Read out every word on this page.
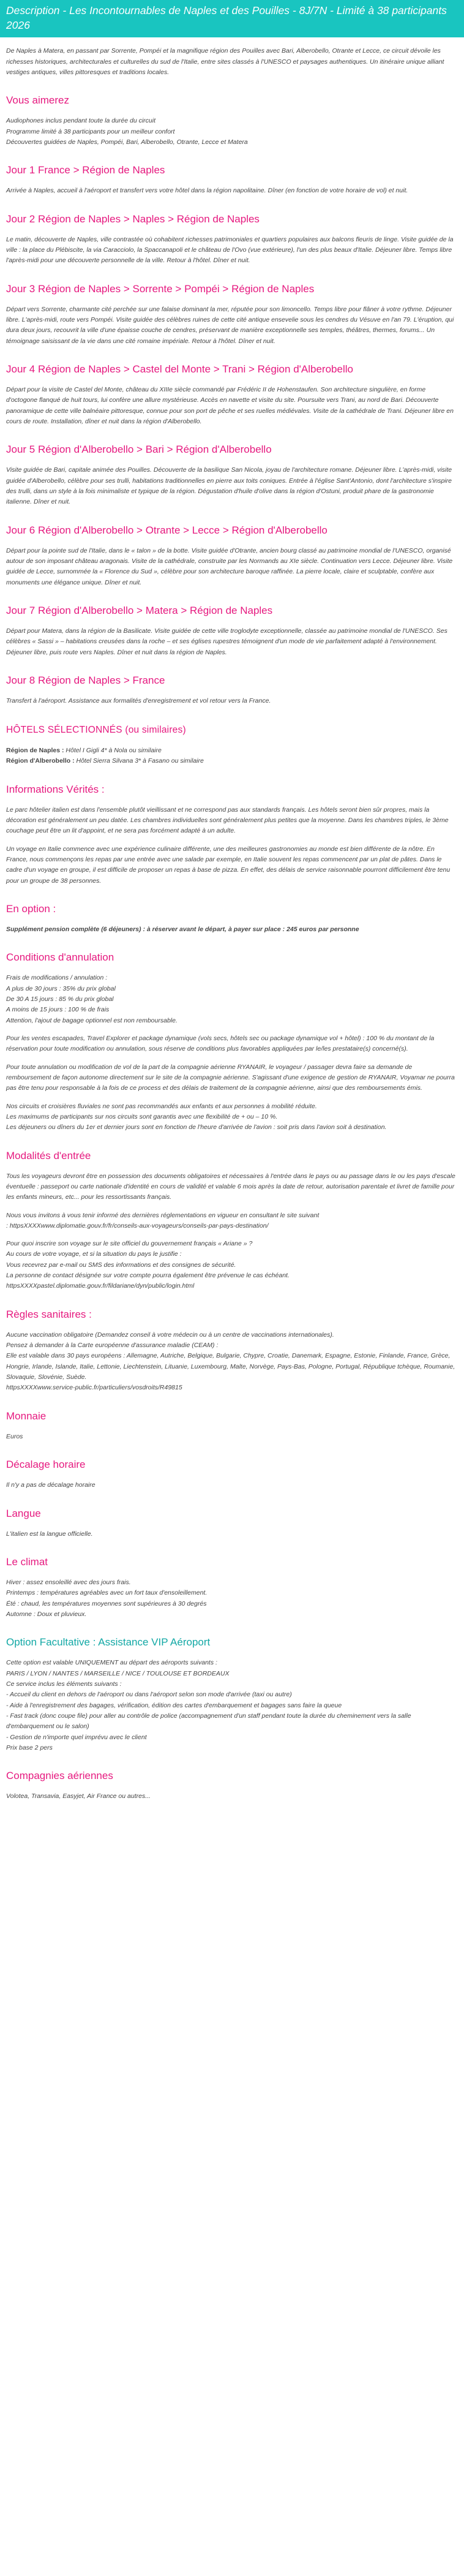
Description - Les Incontournables de Naples et des Pouilles - 8J/7N - Limité à 38 participants 2026

De Naples à Matera, en passant par Sorrente, Pompéi et la magnifique région des Pouilles avec Bari, Alberobello, Otrante et Lecce, ce circuit dévoile les richesses historiques, architecturales et culturelles du sud de l'Italie, entre sites classés à l'UNESCO et paysages authentiques. Un itinéraire unique alliant vestiges antiques, villes pittoresques et traditions locales.

Vous aimerez
Audiophones inclus pendant toute la durée du circuit
Programme limité à 38 participants pour un meilleur confort
Découvertes guidées de Naples, Pompéi, Bari, Alberobello, Otrante, Lecce et Matera
Jour 1 France > Région de Naples

Arrivée à Naples, accueil à l'aéroport et transfert vers votre hôtel dans la région napolitaine. Dîner (en fonction de votre horaire de vol) et nuit.

Jour 2 Région de Naples > Naples > Région de Naples

Le matin, découverte de Naples, ville contrastée où cohabitent richesses patrimoniales et quartiers populaires aux balcons fleuris de linge. Visite guidée de la ville : la place du Plébiscite, la via Caracciolo, la Spaccanapoli et le château de l'Ovo (vue extérieure), l'un des plus beaux d'Italie. Déjeuner libre. Temps libre l'après-midi pour une découverte personnelle de la ville. Retour à l'hôtel. Dîner et nuit.

Jour 3 Région de Naples > Sorrente > Pompéi > Région de Naples

Départ vers Sorrente, charmante cité perchée sur une falaise dominant la mer, réputée pour son limoncello. Temps libre pour flâner à votre rythme. Déjeuner libre. L'après-midi, route vers Pompéi. Visite guidée des célèbres ruines de cette cité antique ensevelie sous les cendres du Vésuve en l'an 79. L'éruption, qui dura deux jours, recouvrit la ville d'une épaisse couche de cendres, préservant de manière exceptionnelle ses temples, théâtres, thermes, forums... Un témoignage saisissant de la vie dans une cité romaine impériale. Retour à l'hôtel. Dîner et nuit.

Jour 4 Région de Naples > Castel del Monte > Trani > Région d'Alberobello

Départ pour la visite de Castel del Monte, château du XIIIe siècle commandé par Frédéric II de Hohenstaufen. Son architecture singulière, en forme d'octogone flanqué de huit tours, lui confère une allure mystérieuse. Accès en navette et visite du site. Poursuite vers Trani, au nord de Bari. Découverte panoramique de cette ville balnéaire pittoresque, connue pour son port de pêche et ses ruelles médiévales. Visite de la cathédrale de Trani. Déjeuner libre en cours de route. Installation, dîner et nuit dans la région d'Alberobello.

Jour 5 Région d'Alberobello > Bari > Région d'Alberobello

Visite guidée de Bari, capitale animée des Pouilles. Découverte de la basilique San Nicola, joyau de l'architecture romane. Déjeuner libre. L'après-midi, visite guidée d'Alberobello, célèbre pour ses trulli, habitations traditionnelles en pierre aux toits coniques. Entrée à l'église Sant'Antonio, dont l'architecture s'inspire des trulli, dans un style à la fois minimaliste et typique de la région. Dégustation d'huile d'olive dans la région d'Ostuni, produit phare de la gastronomie italienne. Dîner et nuit.

Jour 6 Région d'Alberobello > Otrante > Lecce > Région d'Alberobello

Départ pour la pointe sud de l'Italie, dans le « talon » de la botte. Visite guidée d'Otrante, ancien bourg classé au patrimoine mondial de l'UNESCO, organisé autour de son imposant château aragonais. Visite de la cathédrale, construite par les Normands au XIe siècle. Continuation vers Lecce. Déjeuner libre. Visite guidée de Lecce, surnommée la « Florence du Sud », célèbre pour son architecture baroque raffinée. La pierre locale, claire et sculptable, confère aux monuments une élégance unique. Dîner et nuit.

Jour 7 Région d'Alberobello > Matera > Région de Naples

Départ pour Matera, dans la région de la Basilicate. Visite guidée de cette ville troglodyte exceptionnelle, classée au patrimoine mondial de l'UNESCO. Ses célèbres « Sassi » – habitations creusées dans la roche – et ses églises rupestres témoignent d'un mode de vie parfaitement adapté à l'environnement. Déjeuner libre, puis route vers Naples. Dîner et nuit dans la région de Naples.

Jour 8 Région de Naples > France

Transfert à l'aéroport. Assistance aux formalités d'enregistrement et vol retour vers la France.

HÔTELS SÉLECTIONNÉS (ou similaires)
Région de Naples : Hôtel I Gigli 4* à Nola ou similaire
Région d'Alberobello : Hôtel Sierra Silvana 3* à Fasano ou similaire
Informations Vérités :

Le parc hôtelier italien est dans l'ensemble plutôt vieillissant et ne correspond pas aux standards français. Les hôtels seront bien sûr propres, mais la décoration est généralement un peu datée. Les chambres individuelles sont généralement plus petites que la moyenne. Dans les chambres triples, le 3ème couchage peut être un lit d'appoint, et ne sera pas forcément adapté à un adulte.

Un voyage en Italie commence avec une expérience culinaire différente, une des meilleures gastronomies au monde est bien différente de la nôtre. En France, nous commençons les repas par une entrée avec une salade par exemple, en Italie souvent les repas commencent par un plat de pâtes. Dans le cadre d'un voyage en groupe, il est difficile de proposer un repas à base de pizza. En effet, des délais de service raisonnable pourront difficilement être tenu pour un groupe de 38 personnes.

En option :

Supplément pension complète (6 déjeuners) : à réserver avant le départ, à payer sur place : 245 euros par personne

Conditions d'annulation
Frais de modifications / annulation :
A plus de 30 jours : 35% du prix global
De 30 A 15 jours : 85 % du prix global
A moins de 15 jours : 100 % de frais
Attention, l'ajout de bagage optionnel est non remboursable.

Pour les ventes escapades, Travel Explorer et package dynamique (vols secs, hôtels sec ou package dynamique vol + hôtel) : 100 % du montant de la réservation pour toute modification ou annulation, sous réserve de conditions plus favorables appliquées par le/les prestataire(s) concerné(s).

Pour toute annulation ou modification de vol de la part de la compagnie aérienne RYANAIR, le voyageur / passager devra faire sa demande de remboursement de façon autonome directement sur le site de la compagnie aérienne. S'agissant d'une exigence de gestion de RYANAIR, Voyamar ne pourra pas être tenu pour responsable à la fois de ce process et des délais de traitement de la compagnie aérienne, ainsi que des remboursements émis.

Nos circuits et croisières fluviales ne sont pas recommandés aux enfants et aux personnes à mobilité réduite.
Les maximums de participants sur nos circuits sont garantis avec une flexibilité de + ou – 10 %.
Les déjeuners ou dîners du 1er et dernier jours sont en fonction de l'heure d'arrivée de l'avion : soit pris dans l'avion soit à destination.
Modalités d'entrée

Tous les voyageurs devront être en possession des documents obligatoires et nécessaires à l'entrée dans le pays ou au passage dans le ou les pays d'escale éventuelle : passeport ou carte nationale d'identité en cours de validité et valable 6 mois après la date de retour, autorisation parentale et livret de famille pour les enfants mineurs, etc... pour les ressortissants français.

Nous vous invitons à vous tenir informé des dernières réglementations en vigueur en consultant le site suivant
: httpsXXXXwww.diplomatie.gouv.fr/fr/conseils-aux-voyageurs/conseils-par-pays-destination/
Pour quoi inscrire son voyage sur le site officiel du gouvernement français « Ariane » ?
Au cours de votre voyage, et si la situation du pays le justifie :
Vous recevrez par e-mail ou SMS des informations et des consignes de sécurité.
La personne de contact désignée sur votre compte pourra également être prévenue le cas échéant.
httpsXXXXpastel.diplomatie.gouv.fr/fildariane/dyn/public/login.html
Règles sanitaires :
Aucune vaccination obligatoire (Demandez conseil à votre médecin ou à un centre de vaccinations internationales).
Pensez à demander à la Carte européenne d'assurance maladie (CEAM) :
Elle est valable dans 30 pays européens : Allemagne, Autriche, Belgique, Bulgarie, Chypre, Croatie, Danemark, Espagne, Estonie, Finlande, France, Grèce, Hongrie, Irlande, Islande, Italie, Lettonie, Liechtenstein, Lituanie, Luxembourg, Malte, Norvège, Pays-Bas, Pologne, Portugal, République tchèque, Roumanie, Slovaquie, Slovénie, Suède.
httpsXXXXwww.service-public.fr/particuliers/vosdroits/R49815
Monnaie

Euros

Décalage horaire

Il n'y a pas de décalage horaire

Langue

L'italien est la langue officielle.

Le climat
Hiver : assez ensoleillé avec des jours frais.
Printemps : températures agréables avec un fort taux d'ensoleillement.
Été : chaud, les températures moyennes sont supérieures à 30 degrés
Automne : Doux et pluvieux.
Option Facultative : Assistance VIP Aéroport
Cette option est valable UNIQUEMENT au départ des aéroports suivants :
PARIS / LYON / NANTES / MARSEILLE / NICE / TOULOUSE ET BORDEAUX
Ce service inclus les éléments suivants :
- Accueil du client en dehors de l'aéroport ou dans l'aéroport selon son mode d'arrivée (taxi ou autre)
- Aide à l'enregistrement des bagages, vérification, édition des cartes d'embarquement et bagages sans faire la queue
- Fast track (donc coupe file) pour aller au contrôle de police (accompagnement d'un staff pendant toute la durée du cheminement vers la salle d'embarquement ou le salon)
- Gestion de n'importe quel imprévu avec le client
Prix base 2 pers
Compagnies aériennes

Volotea, Transavia, Easyjet, Air France ou autres...
